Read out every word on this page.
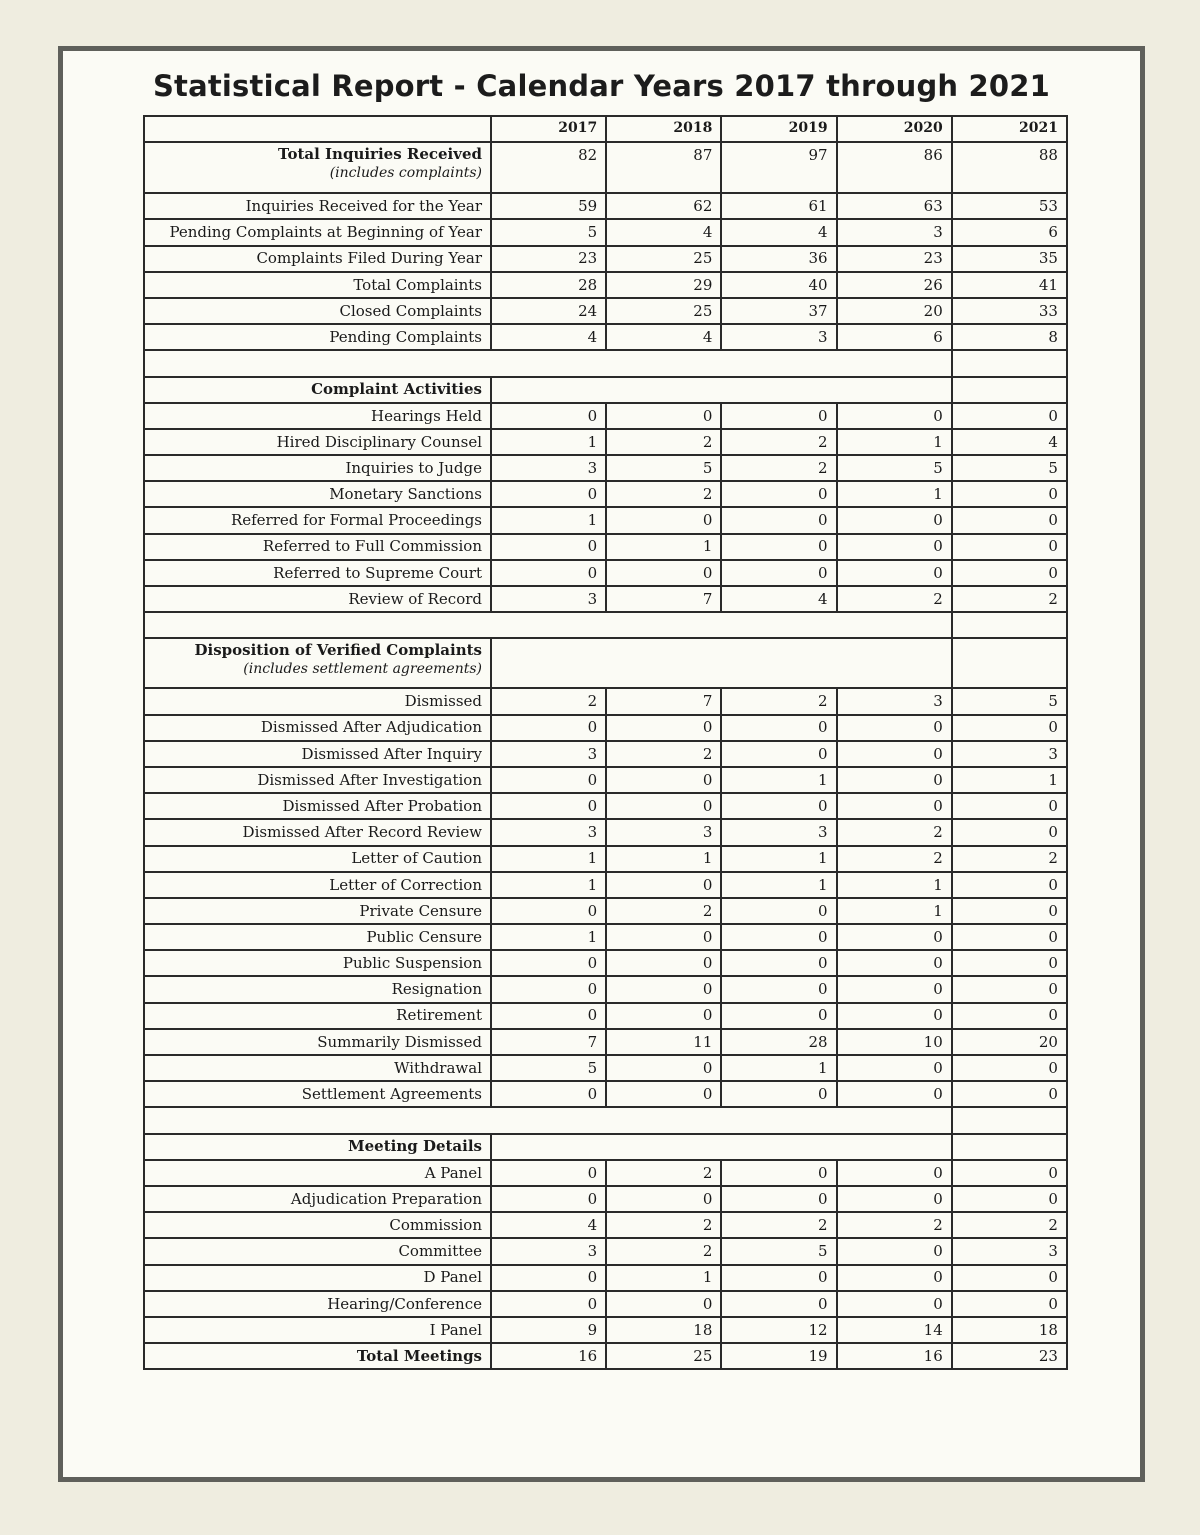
Statistical Report - Calendar Years 2017 through 2021
	2017	2018	2019	2020	2021
Total Inquiries Received
(includes complaints)	82	87	97	86	88
Inquiries Received for the Year	59	62	61	63	53
Pending Complaints at Beginning of Year	5	4	4	3	6
Complaints Filed During Year	23	25	36	23	35
Total Complaints	28	29	40	26	41
Closed Complaints	24	25	37	20	33
Pending Complaints	4	4	3	6	8

Complaint Activities					
Hearings Held	0	0	0	0	0
Hired Disciplinary Counsel	1	2	2	1	4
Inquiries to Judge	3	5	2	5	5
Monetary Sanctions	0	2	0	1	0
Referred for Formal Proceedings	1	0	0	0	0
Referred to Full Commission	0	1	0	0	0
Referred to Supreme Court	0	0	0	0	0
Review of Record	3	7	4	2	2

Disposition of Verified Complaints
(includes settlement agreements)					

Dismissed	2	7	2	3	5
Dismissed After Adjudication	0	0	0	0	0
Dismissed After Inquiry	3	2	0	0	3
Dismissed After Investigation	0	0	1	0	1
Dismissed After Probation	0	0	0	0	0
Dismissed After Record Review	3	3	3	2	0
Letter of Caution	1	1	1	2	2
Letter of Correction	1	0	1	1	0
Private Censure	0	2	0	1	0
Public Censure	1	0	0	0	0
Public Suspension	0	0	0	0	0
Resignation	0	0	0	0	0
Retirement	0	0	0	0	0
Summarily Dismissed	7	11	28	10	20
Withdrawal	5	0	1	0	0
Settlement Agreements	0	0	0	0	0

Meeting Details					
A Panel	0	2	0	0	0
Adjudication Preparation	0	0	0	0	0
Commission	4	2	2	2	2
Committee	3	2	5	0	3
D Panel	0	1	0	0	0
Hearing/Conference	0	0	0	0	0
I Panel	9	18	12	14	18
Total Meetings	16	25	19	16	23
